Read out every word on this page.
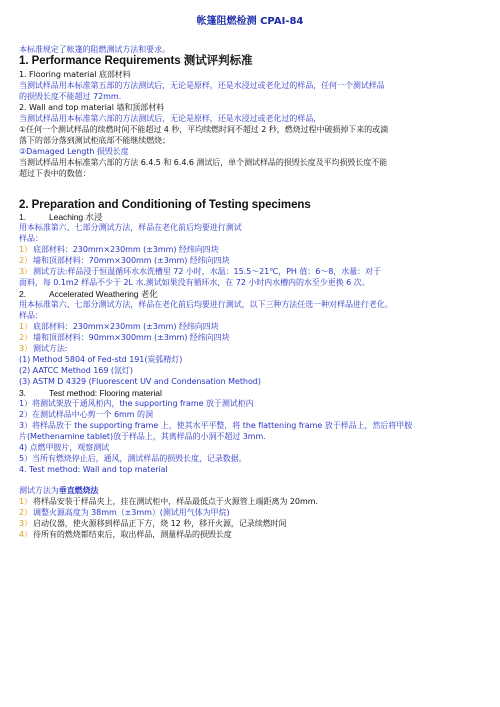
帐篷阻燃检测 CPAI-84
本标准规定了帐篷的阻燃测试方法和要求。
1. Performance Requirements 测试评判标准
1. Flooring material 底部材料
当测试样品用本标准第五部的方法测试后，无论是原样，还是水浸过或老化过的样品，任何一个测试样品
的损毁长度不能超过 72mm.
2. Wall and top material 墙和顶部材料
当测试样品用本标准第六部的方法测试后，无论是原样，还是水浸过或老化过的样品，
①任何一个测试样品的续燃时间不能超过 4 秒，平均续燃时间不超过 2 秒，燃烧过程中破损掉下来的或滴
落下的部分落到测试柜底部不能继续燃烧；
②Damaged Length 损毁长度
当测试样品用本标准第六部的方法 6.4.5 和 6.4.6 测试后，单个测试样品的损毁长度及平均损毁长度不能
超过下表中的数值：
2. Preparation and Conditioning of Testing specimens
1.	Leaching 水浸
用本标准第六、七部分测试方法，样品在老化前后均要进行测试
样品：
1）底部材料：230mm×230mm (±3mm) 经纬向四块
2）墙和顶部材料：70mm×300mm (±3mm) 经纬向四块
3）测试方法:样品浸于恒温循环水水洗槽里 72 小时，水温：15.5～21℃，PH 值：6～8，水量：对于
面料，每 0.1m2 样品不少于 2L 水.测试如果没有循环水，在 72 小时内水槽内的水至少更换 6 次。
2.	Accelerated Weathering 老化
用本标准第六、七部分测试方法，样品在老化前后均要进行测试，以下三种方法任选一种对样品进行老化。
样品：
1）底部材料：230mm×230mm (±3mm) 经纬向四块
2）墙和顶部材料：90mm×300mm (±3mm) 经纬向四块
3）测试方法:
(1) Method 5804 of Fed-std 191(炭弧精灯)
(2) AATCC Method 169 (氙灯)
(3) ASTM D 4329 (Fluorescent UV and Condensation Method)
3.	Test method: Flooring material
1）将测试架放于通风柜内，the supporting frame 放于测试柜内
2）在测试样品中心剪一个 6mm 的洞
3）将样品放于 the supporting frame 上，使其水平平整，将 the flattening frame 放于样品上，然后将甲胺
片(Methenamine tablet)放于样品上，其离样品的小洞不超过 3mm.
4) 点燃甲胺片，观察测试
5）当所有燃烧停止后，通风，测试样品的损毁长度，记录数据。
4. Test method: Wall and top material
测试方法为垂直燃烧法
1）将样品安装于样品夹上，挂在测试柜中，样品最低点于火源管上端距离为 20mm.
2）调整火源高度为 38mm（±3mm）(测试用气体为甲烷)
3）启动仪器，使火源移到样品正下方，烧 12 秒，移开火源，记录续燃时间
4）待所有的燃烧都结束后，取出样品，测量样品的损毁长度
